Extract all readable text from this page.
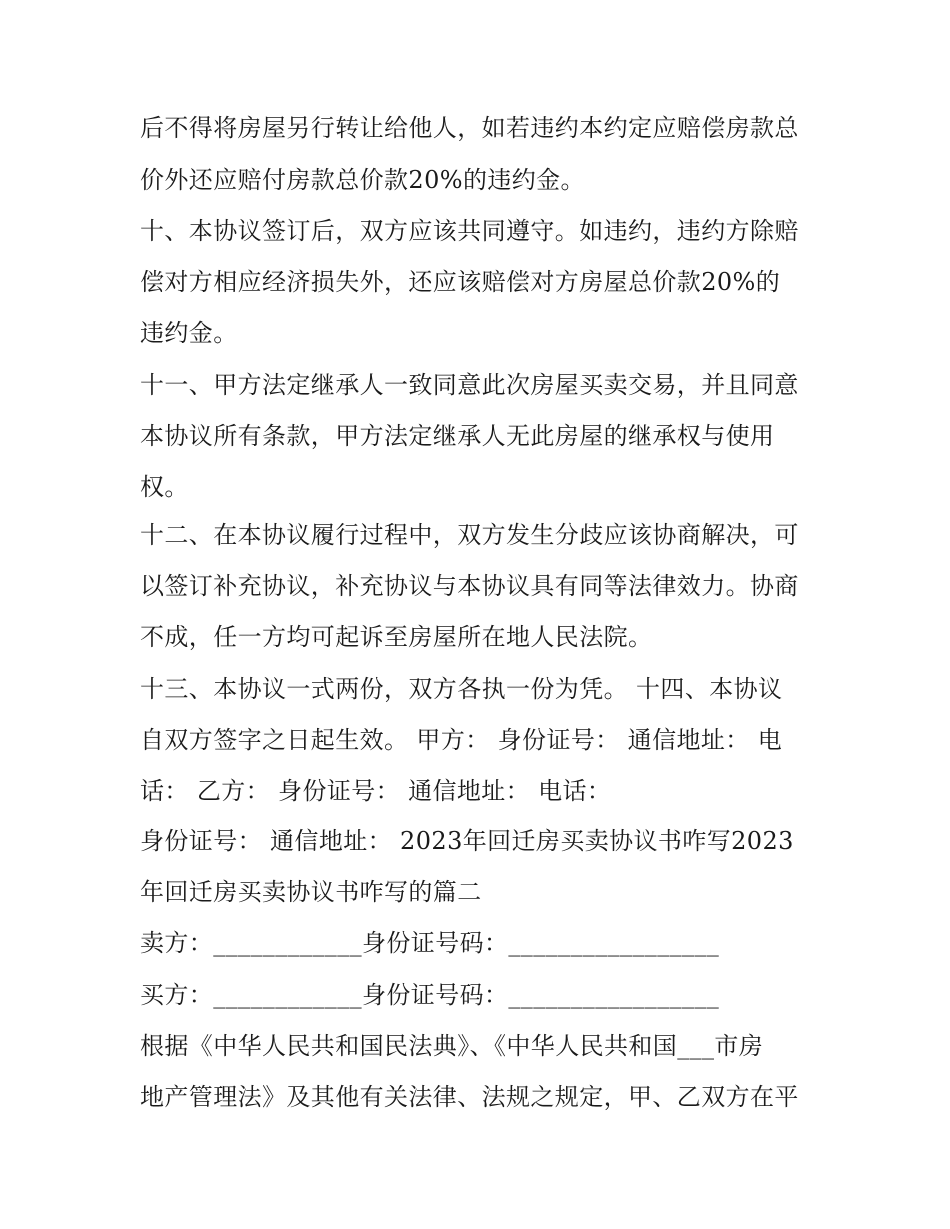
后不得将房屋另行转让给他人，如若违约本约定应赔偿房款总

价外还应赔付房款总价款20%的违约金。

十、本协议签订后，双方应该共同遵守。如违约，违约方除赔

偿对方相应经济损失外，还应该赔偿对方房屋总价款20%的

违约金。

十一、甲方法定继承人一致同意此次房屋买卖交易，并且同意

本协议所有条款，甲方法定继承人无此房屋的继承权与使用

权。

十二、在本协议履行过程中，双方发生分歧应该协商解决，可

以签订补充协议，补充协议与本协议具有同等法律效力。协商

不成，任一方均可起诉至房屋所在地人民法院。

十三、本协议一式两份，双方各执一份为凭。 十四、本协议

自双方签字之日起生效。 甲方： 身份证号： 通信地址： 电

话： 乙方： 身份证号： 通信地址： 电话：

身份证号： 通信地址： 2023年回迁房买卖协议书咋写2023

年回迁房买卖协议书咋写的篇二

卖方：____________身份证号码：_________________

买方：____________身份证号码：_________________

根据《中华人民共和国民法典》、《中华人民共和国___市房

地产管理法》及其他有关法律、法规之规定，甲、乙双方在平
